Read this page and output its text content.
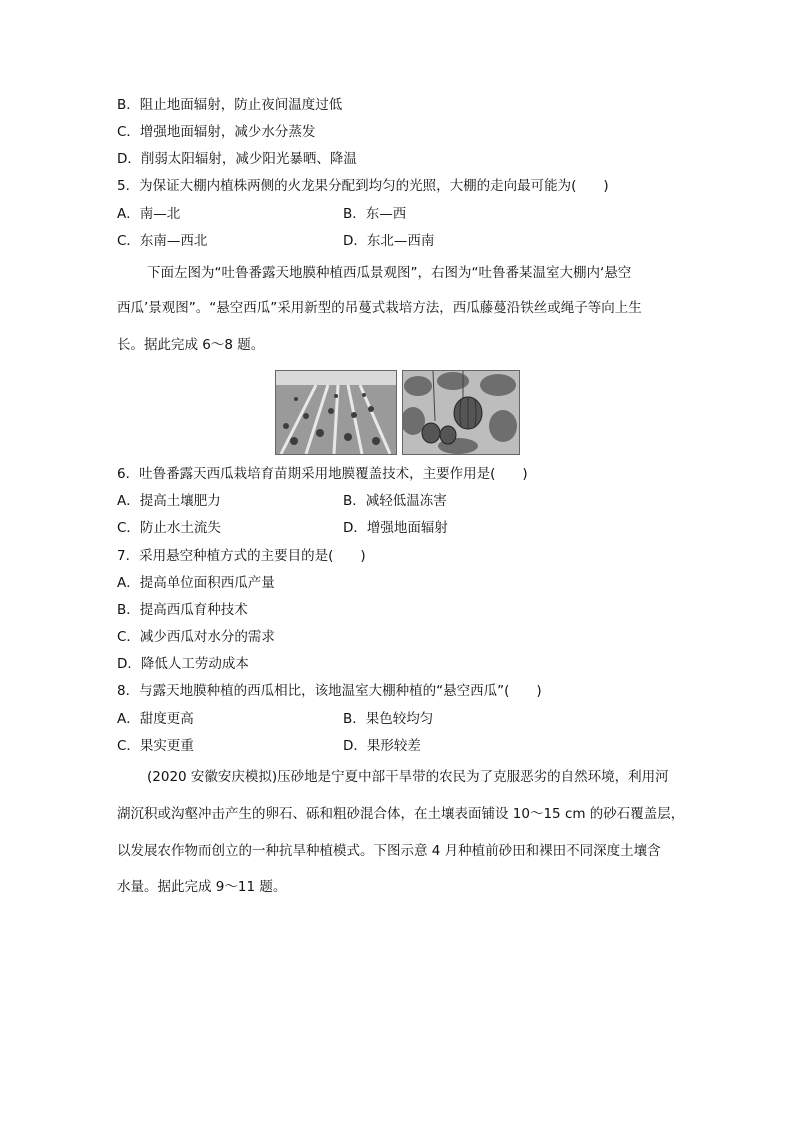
B．阻止地面辐射，防止夜间温度过低
C．增强地面辐射，减少水分蒸发
D．削弱太阳辐射，减少阳光暴晒、降温
5．为保证大棚内植株两侧的火龙果分配到均匀的光照，大棚的走向最可能为(　　)
A．南—北	B．东—西
C．东南—西北	D．东北—西南
下面左图为“吐鲁番露天地膜种植西瓜景观图”，右图为“吐鲁番某温室大棚内‘悬空
西瓜’景观图”。“悬空西瓜”采用新型的吊蔓式栽培方法，西瓜藤蔓沿铁丝或绳子等向上生
长。据此完成 6～8 题。
6．吐鲁番露天西瓜栽培育苗期采用地膜覆盖技术，主要作用是(　　)
A．提高土壤肥力	B．减轻低温冻害
C．防止水土流失	D．增强地面辐射
7．采用悬空种植方式的主要目的是(　　)
A．提高单位面积西瓜产量
B．提高西瓜育种技术
C．减少西瓜对水分的需求
D．降低人工劳动成本
8．与露天地膜种植的西瓜相比，该地温室大棚种植的“悬空西瓜”(　　)
A．甜度更高	B．果色较均匀
C．果实更重	D．果形较差
(2020 安徽安庆模拟)压砂地是宁夏中部干旱带的农民为了克服恶劣的自然环境，利用河
湖沉积或沟壑冲击产生的卵石、砾和粗砂混合体，在土壤表面铺设 10～15 cm 的砂石覆盖层，
以发展农作物而创立的一种抗旱种植模式。下图示意 4 月种植前砂田和裸田不同深度土壤含
水量。据此完成 9～11 题。
